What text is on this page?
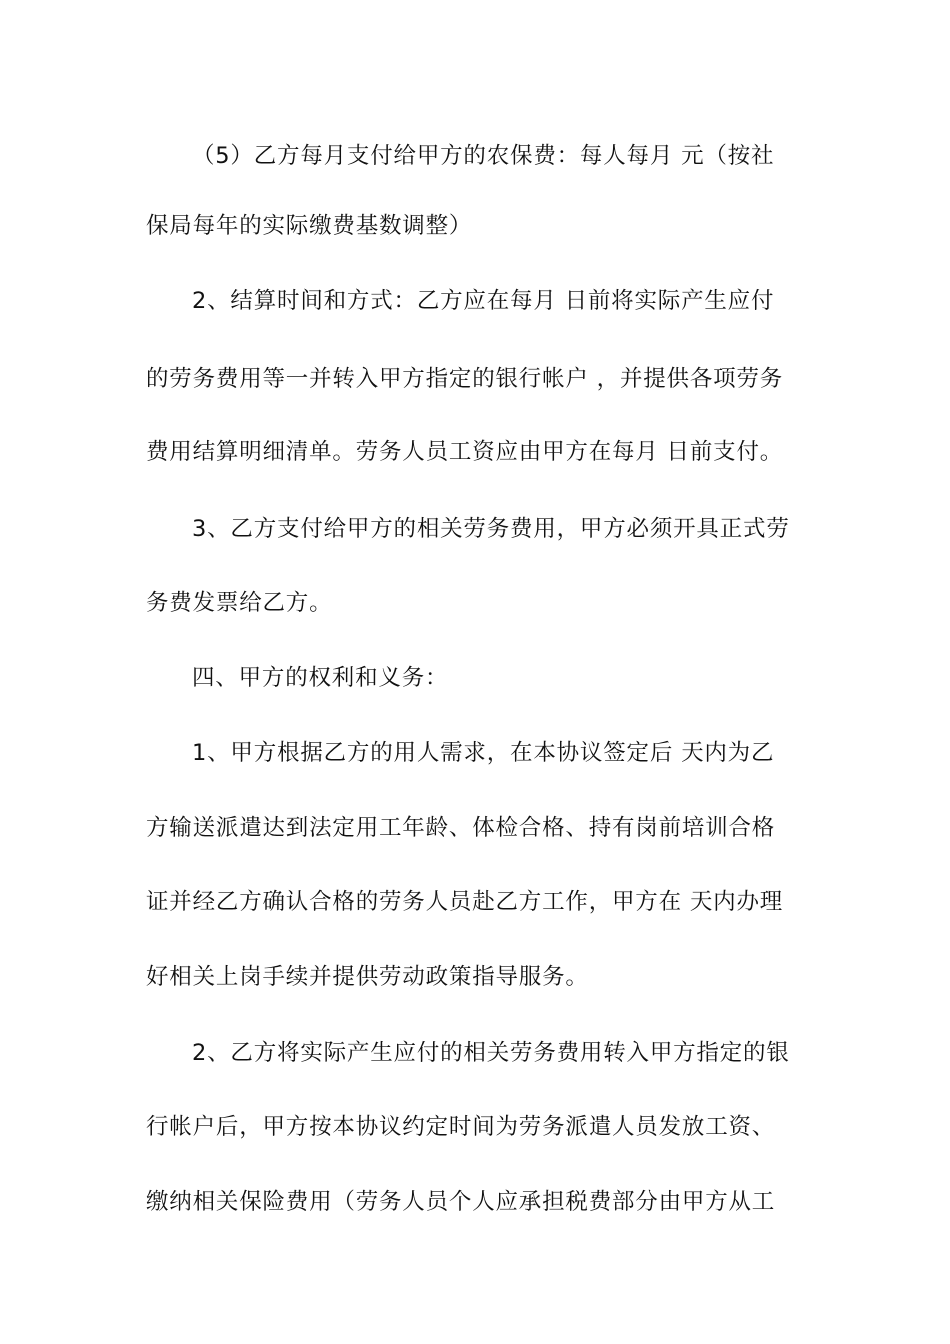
（5）乙方每月支付给甲方的农保费：每人每月 元（按社
保局每年的实际缴费基数调整）
2、结算时间和方式：乙方应在每月 日前将实际产生应付
的劳务费用等一并转入甲方指定的银行帐户 ，并提供各项劳务
费用结算明细清单。劳务人员工资应由甲方在每月 日前支付。
3、乙方支付给甲方的相关劳务费用，甲方必须开具正式劳
务费发票给乙方。
四、甲方的权利和义务：
1、甲方根据乙方的用人需求，在本协议签定后 天内为乙
方输送派遣达到法定用工年龄、体检合格、持有岗前培训合格
证并经乙方确认合格的劳务人员赴乙方工作，甲方在 天内办理
好相关上岗手续并提供劳动政策指导服务。
2、乙方将实际产生应付的相关劳务费用转入甲方指定的银
行帐户后，甲方按本协议约定时间为劳务派遣人员发放工资、
缴纳相关保险费用（劳务人员个人应承担税费部分由甲方从工
